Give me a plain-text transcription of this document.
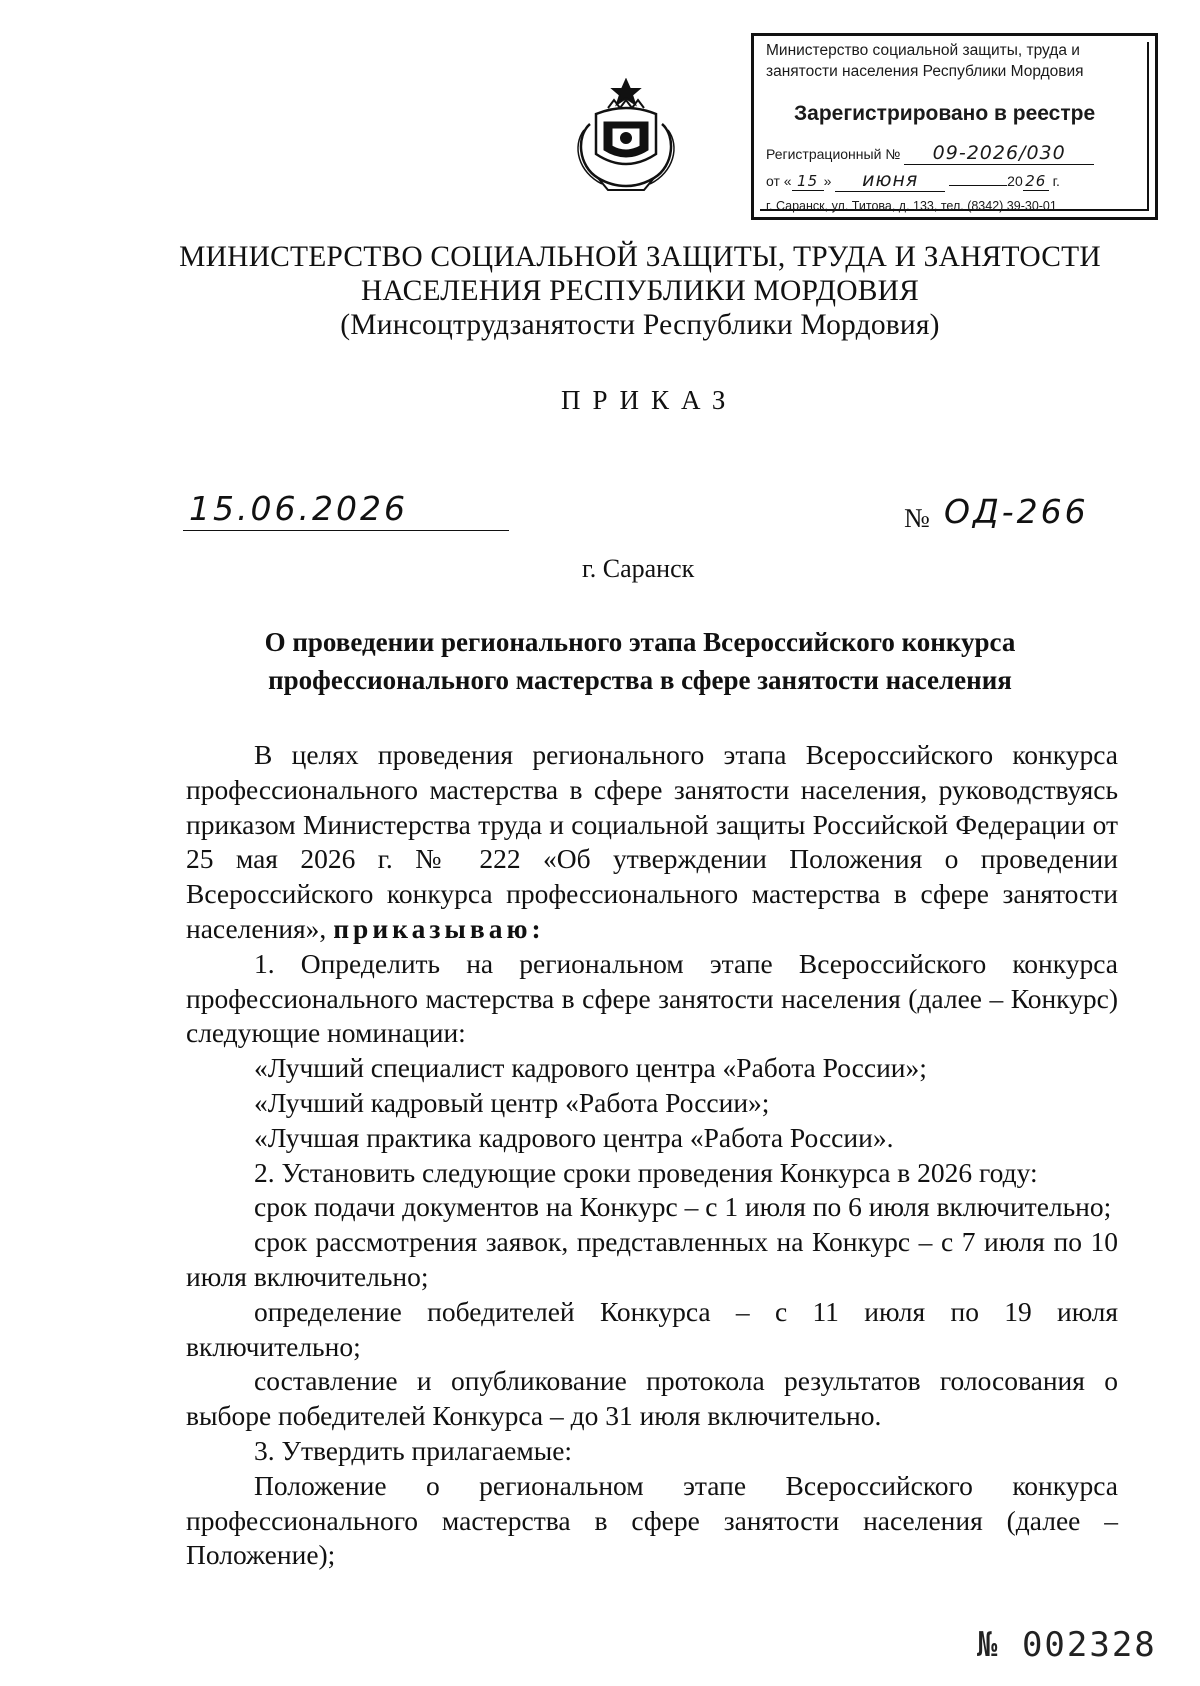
Министерство социальной защиты, труда и занятости населения Республики Мордовия
Зарегистрировано в реестре
Регистрационный № 09-2026/030
от « 15 » июня	20 26 г.
г. Саранск, ул. Титова, д. 133, тел. (8342) 39-30-01
МИНИСТЕРСТВО СОЦИАЛЬНОЙ ЗАЩИТЫ, ТРУДА И ЗАНЯТОСТИ
НАСЕЛЕНИЯ РЕСПУБЛИКИ МОРДОВИЯ
(Минсоцтрудзанятости Республики Мордовия)
ПРИКАЗ
15.06.2026	№ ОД-266
г. Саранск
О проведении регионального этапа Всероссийского конкурса
профессионального мастерства в сфере занятости населения

В целях проведения регионального этапа Всероссийского конкурса профессионального мастерства в сфере занятости населения, руководствуясь приказом Министерства труда и социальной защиты Российской Федерации от 25 мая 2026 г. № 222 «Об утверждении Положения о проведении Всероссийского конкурса профессионального мастерства в сфере занятости населения», приказываю:

1. Определить на региональном этапе Всероссийского конкурса профессионального мастерства в сфере занятости населения (далее – Конкурс) следующие номинации:

«Лучший специалист кадрового центра «Работа России»;

«Лучший кадровый центр «Работа России»;

«Лучшая практика кадрового центра «Работа России».

2. Установить следующие сроки проведения Конкурса в 2026 году:

срок подачи документов на Конкурс – с 1 июля по 6 июля включительно;

срок рассмотрения заявок, представленных на Конкурс – с 7 июля по 10 июля включительно;

определение победителей Конкурса – с 11 июля по 19 июля включительно;

составление и опубликование протокола результатов голосования о выборе победителей Конкурса – до 31 июля включительно.

3. Утвердить прилагаемые:

Положение о региональном этапе Всероссийского конкурса профессионального мастерства в сфере занятости населения (далее – Положение);

№ 002328
